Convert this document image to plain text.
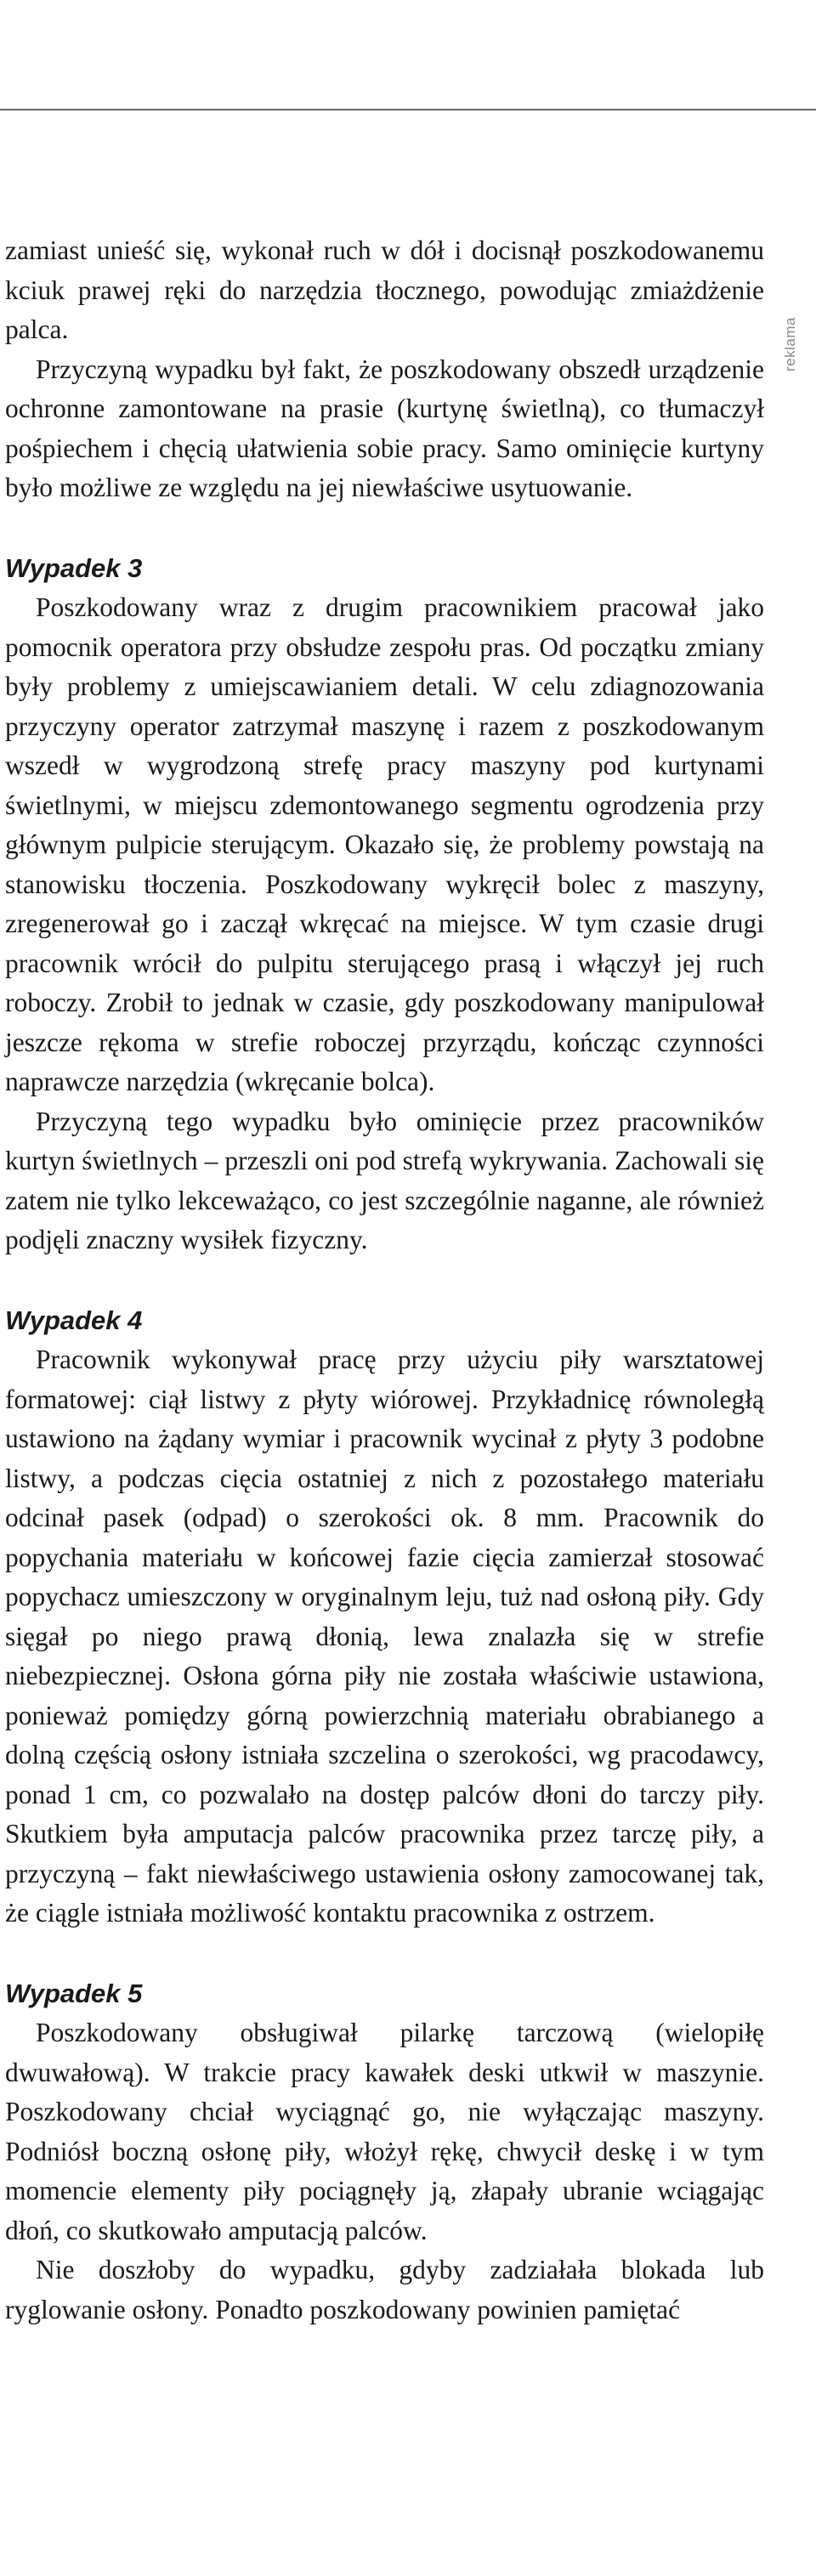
reklama

zamiast unieść się, wykonał ruch w dół i docisnął poszkodowanemu kciuk prawej ręki do narzędzia tłocznego, powodując zmiażdżenie palca.

Przyczyną wypadku był fakt, że poszkodowany obszedł urządzenie ochronne zamontowane na prasie (kurtynę świetlną), co tłumaczył pośpiechem i chęcią ułatwienia sobie pracy. Samo ominięcie kurtyny było możliwe ze względu na jej niewłaściwe usytuowanie.

Wypadek 3

Poszkodowany wraz z drugim pracownikiem pracował jako pomocnik operatora przy obsłudze zespołu pras. Od początku zmiany były problemy z umiejscawianiem detali. W celu zdiagnozowania przyczyny operator zatrzymał maszynę i razem z poszkodowanym wszedł w wygrodzoną strefę pracy maszyny pod kurtynami świetlnymi, w miejscu zdemontowanego segmentu ogrodzenia przy głównym pulpicie sterującym. Okazało się, że problemy powstają na stanowisku tłoczenia. Poszkodowany wykręcił bolec z maszyny, zregenerował go i zaczął wkręcać na miejsce. W tym czasie drugi pracownik wrócił do pulpitu sterującego prasą i włączył jej ruch roboczy. Zrobił to jednak w czasie, gdy poszkodowany manipulował jeszcze rękoma w strefie roboczej przyrządu, kończąc czynności naprawcze narzędzia (wkręcanie bolca).

Przyczyną tego wypadku było ominięcie przez pracowników kurtyn świetlnych – przeszli oni pod strefą wykrywania. Zachowali się zatem nie tylko lekceważąco, co jest szczególnie naganne, ale również podjęli znaczny wysiłek fizyczny.

Wypadek 4

Pracownik wykonywał pracę przy użyciu piły warsztatowej formatowej: ciął listwy z płyty wiórowej. Przykładnicę równoległą ustawiono na żądany wymiar i pracownik wycinał z płyty 3 podobne listwy, a podczas cięcia ostatniej z nich z pozostałego materiału odcinał pasek (odpad) o szerokości ok. 8 mm. Pracownik do popychania materiału w końcowej fazie cięcia zamierzał stosować popychacz umieszczony w oryginalnym leju, tuż nad osłoną piły. Gdy sięgał po niego prawą dłonią, lewa znalazła się w strefie niebezpiecznej. Osłona górna piły nie została właściwie ustawiona, ponieważ pomiędzy górną powierzchnią materiału obrabianego a dolną częścią osłony istniała szczelina o szerokości, wg pracodawcy, ponad 1 cm, co pozwalało na dostęp palców dłoni do tarczy piły. Skutkiem była amputacja palców pracownika przez tarczę piły, a przyczyną – fakt niewłaściwego ustawienia osłony zamocowanej tak, że ciągle istniała możliwość kontaktu pracownika z ostrzem.

Wypadek 5

Poszkodowany obsługiwał pilarkę tarczową (wielopiłę dwuwałową). W trakcie pracy kawałek deski utkwił w maszynie. Poszkodowany chciał wyciągnąć go, nie wyłączając maszyny. Podniósł boczną osłonę piły, włożył rękę, chwycił deskę i w tym momencie elementy piły pociągnęły ją, złapały ubranie wciągając dłoń, co skutkowało amputacją palców.

Nie doszłoby do wypadku, gdyby zadziałała blokada lub ryglowanie osłony. Ponadto poszkodowany powinien pamiętać
